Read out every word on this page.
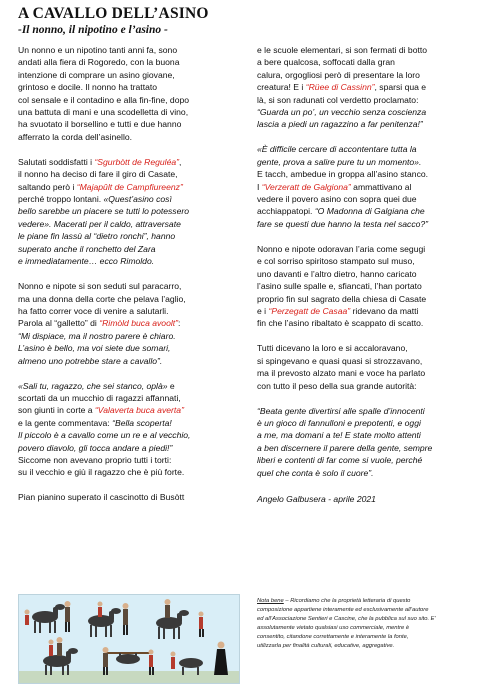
A CAVALLO DELL’ASINO
-Il nonno, il nipotino e l’asino -
Un nonno e un nipotino tanti anni fa, sono
andati alla fiera di Rogoredo, con la buona
intenzione di comprare un asino giovane,
grintoso e docile. Il nonno ha trattato
col sensale e il contadino e alla fin-fine, dopo
una battuta di mani e una scodelletta di vino,
ha svuotato il borsellino e tutti e due hanno
afferrato la corda dell’asinello.
Salutati soddisfatti i “Sgurbòtt de Reguléa”,
il nonno ha deciso di fare il giro di Casate,
saltando però i “Majapûlt de Campfiureenz”
perché troppo lontani. «Quest’asino così
bello sarebbe un piacere se tutti lo potessero
vedere». Macerati per il caldo, attraversate
le piane fin lassù al “dietro ronchi”, hanno
superato anche il ronchetto del Zara
e immediatamente… ecco Rimoldo.
Nonno e nipote si son seduti sul paracarro,
ma una donna della corte che pelava l’aglio,
ha fatto correr voce di venire a salutarli.
Parola al “galletto” di “Rimòld buca avoolt”:
“Mi dispiace, ma il nostro parere è chiaro.
L’asino è bello, ma voi siete due somari,
almeno uno potrebbe stare a cavallo”.
«Sali tu, ragazzo, che sei stanco, oplà» e
scortati da un mucchio di ragazzi affannati,
son giunti in corte a “Valaverta buca averta”
e la gente commentava: “Bella scoperta!
Il piccolo è a cavallo come un re e al vecchio,
povero diavolo, gli tocca andare a piedi!”
Siccome non avevano proprio tutti i torti:
su il vecchio e giù il ragazzo che è più forte.
Pian pianino superato il cascinotto di Busòtt
e le scuole elementari, si son fermati di botto
a bere qualcosa, soffocati dalla gran
calura, orgogliosi però di presentare la loro
creatura! E i “Rüee di Cassinn”, sparsi qua e
là, si son radunati col verdetto proclamato:
“Guarda un po’, un vecchio senza coscienza
lascia a piedi un ragazzino a far penitenza!”
«È difficile cercare di accontentare tutta la
gente, prova a salire pure tu un momento».
E tacch, ambedue in groppa all’asino stanco.
I “Verzeratt de Galgiona” ammattivano al
vedere il povero asino con sopra quei due
acchiappatopi. “O Madonna di Galgiana che
fare se questi due hanno la testa nel sacco?”
Nonno e nipote odoravan l’aria come segugi
e col sorriso spiritoso stampato sul muso,
uno davanti e l’altro dietro, hanno caricato
l’asino sulle spalle e, sfiancati, l’han portato
proprio fin sul sagrato della chiesa di Casate
e i “Perzegatt de Casaa” ridevano da matti
fin che l’asino ribaltato è scappato di scatto.
Tutti dicevano la loro e si accaloravano,
si spingevano e quasi quasi si strozzavano,
ma il prevosto alzato mani e voce ha parlato
con tutto il peso della sua grande autorità:
“Beata gente divertirsi alle spalle d’innocenti
è un gioco di fannulloni e prepotenti, e oggi
a me, ma domani a te! E state molto attenti
a ben discernere il parere della gente, sempre
liberi e contenti di far come si vuole, perché
quel che conta è solo il cuore”.
Angelo Galbusera - aprile 2021
Nota bene – Ricordiamo che la proprietà letteraria di questo
composizione appartiene interamente ed esclusivamente all’autore
ed all’Associazione Sentieri e Cascine, che la pubblica sul suo sito. E’
assolutamente vietato qualsiasi uso commerciale, mentre è
consentito, citandone correttamente e interamente la fonte,
utilizzarla per finalità culturali, educative, aggregative.
